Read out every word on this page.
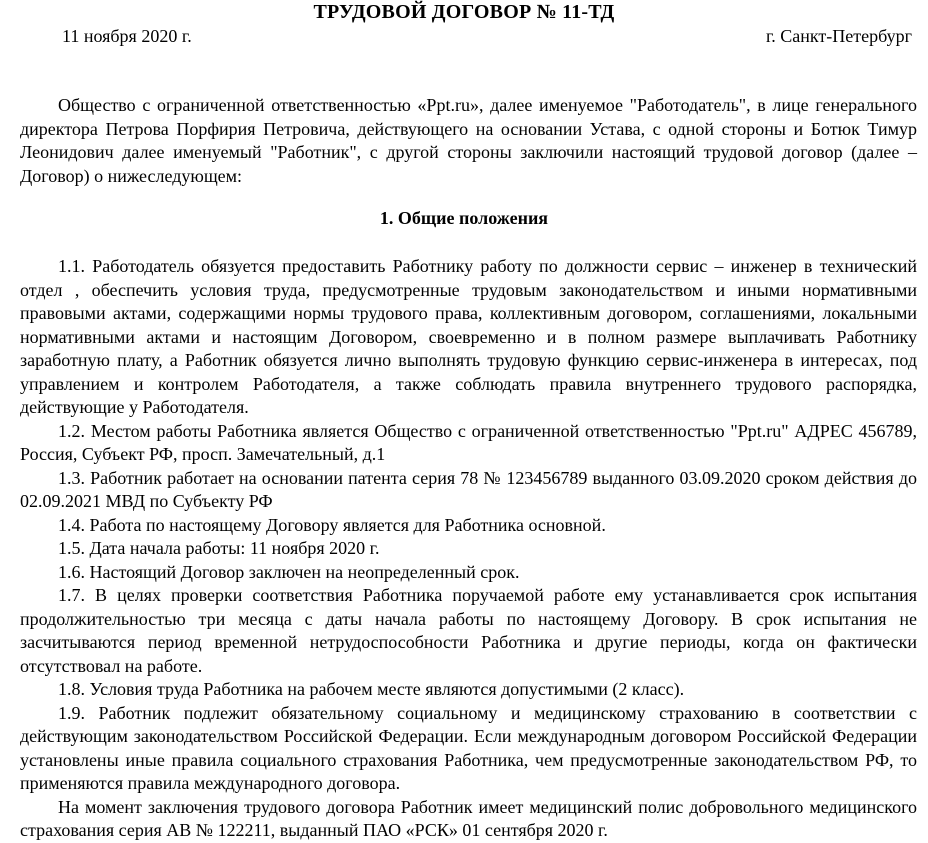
ТРУДОВОЙ ДОГОВОР № 11-ТД
11 ноября 2020 г.	г. Санкт-Петербург

Общество с ограниченной ответственностью «Ppt.ru», далее именуемое "Работодатель", в лице генерального директора Петрова Порфирия Петровича, действующего на основании Устава, с одной стороны и Ботюк Тимур Леонидович далее именуемый "Работник", с другой стороны заключили настоящий трудовой договор (далее – Договор) о нижеследующем:

1. Общие положения
1.1. Работодатель обязуется предоставить Работнику работу по должности сервис – инженер в технический отдел , обеспечить условия труда, предусмотренные трудовым законодательством и иными нормативными правовыми актами, содержащими нормы трудового права, коллективным договором, соглашениями, локальными нормативными актами и настоящим Договором, своевременно и в полном размере выплачивать Работнику заработную плату, а Работник обязуется лично выполнять трудовую функцию сервис-инженера в интересах, под управлением и контролем Работодателя, а также соблюдать правила внутреннего трудового распорядка, действующие у Работодателя.
1.2. Местом работы Работника является Общество с ограниченной ответственностью "Ppt.ru" АДРЕС 456789, Россия, Субъект РФ, просп. Замечательный, д.1
1.3. Работник работает на основании патента серия 78 № 123456789 выданного 03.09.2020 сроком действия до 02.09.2021 МВД по Субъекту РФ
1.4. Работа по настоящему Договору является для Работника основной.
1.5. Дата начала работы: 11 ноября 2020 г.
1.6. Настоящий Договор заключен на неопределенный срок.
1.7. В целях проверки соответствия Работника поручаемой работе ему устанавливается срок испытания продолжительностью три месяца с даты начала работы по настоящему Договору. В срок испытания не засчитываются период временной нетрудоспособности Работника и другие периоды, когда он фактически отсутствовал на работе.
1.8. Условия труда Работника на рабочем месте являются допустимыми (2 класс).
1.9. Работник подлежит обязательному социальному и медицинскому страхованию в соответствии с действующим законодательством Российской Федерации. Если международным договором Российской Федерации установлены иные правила социального страхования Работника, чем предусмотренные законодательством РФ, то применяются правила международного договора.
На момент заключения трудового договора Работник имеет медицинский полис добровольного медицинского страхования серия АВ № 122211, выданный ПАО «РСК» 01 сентября 2020 г.
